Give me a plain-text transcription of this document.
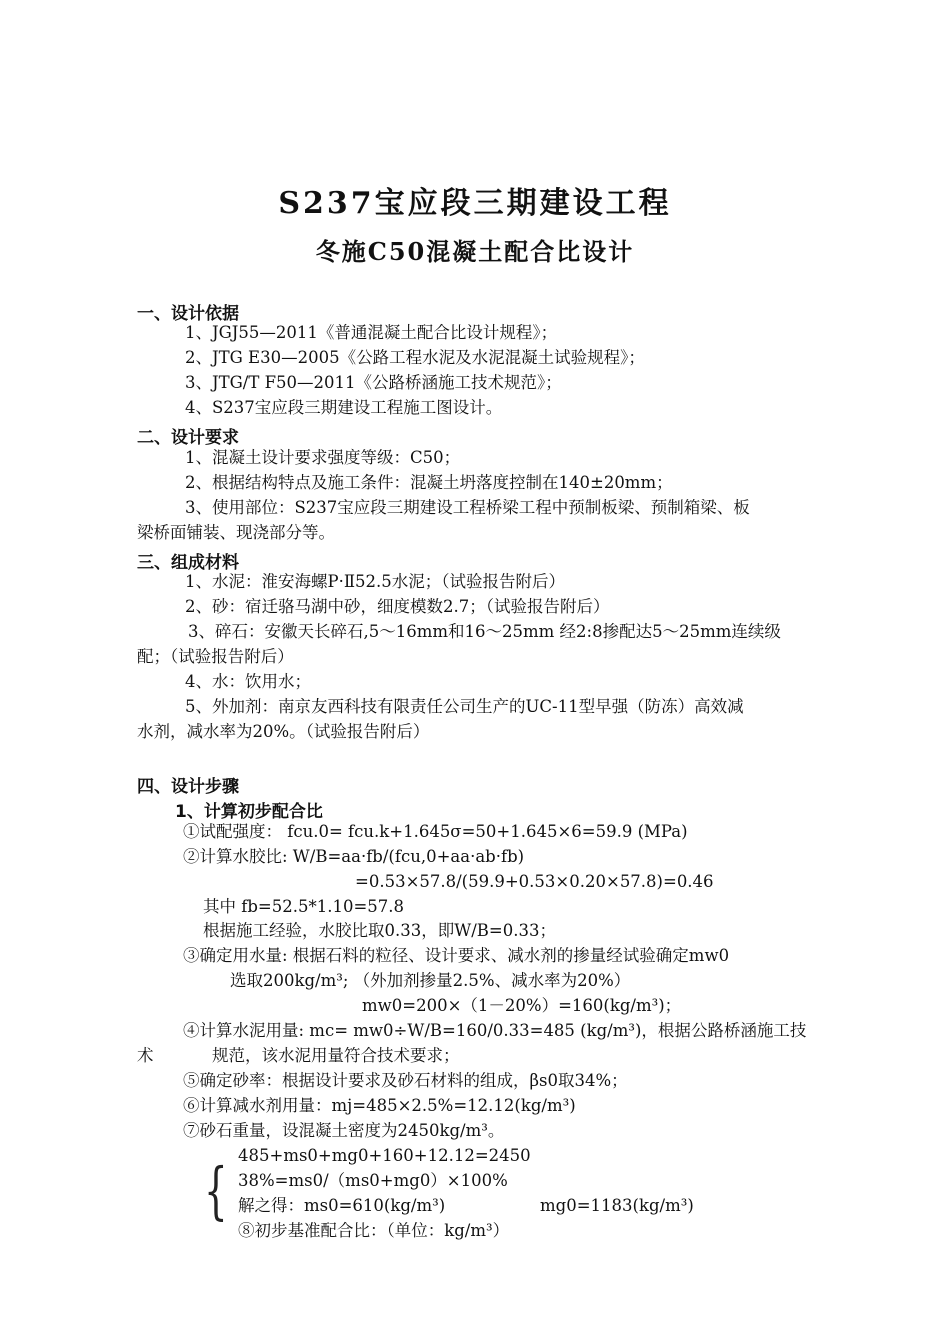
S237宝应段三期建设工程
冬施C50混凝土配合比设计
一、设计依据
1、JGJ55—2011《普通混凝土配合比设计规程》；
2、JTG E30—2005《公路工程水泥及水泥混凝土试验规程》；
3、JTG/T F50—2011《公路桥涵施工技术规范》；
4、S237宝应段三期建设工程施工图设计。
二、设计要求
1、混凝土设计要求强度等级：C50；
2、根据结构特点及施工条件：混凝土坍落度控制在140±20mm；
3、使用部位：S237宝应段三期建设工程桥梁工程中预制板梁、预制箱梁、板
梁桥面铺装、现浇部分等。
三、组成材料
1、水泥：淮安海螺P·Ⅱ52.5水泥；（试验报告附后）
2、砂：宿迁骆马湖中砂，细度模数2.7；（试验报告附后）
3、碎石：安徽天长碎石,5～16mm和16～25mm 经2:8掺配达5～25mm连续级
配；（试验报告附后）
4、水：饮用水；
5、外加剂：南京友西科技有限责任公司生产的UC-11型早强（防冻）高效减
水剂，减水率为20%。（试验报告附后）
四、设计步骤
1、计算初步配合比
①试配强度： fcu.0= fcu.k+1.645σ=50+1.645×6=59.9 (MPa)
②计算水胶比: W/B=aa·fb/(fcu,0+aa·ab·fb)
=0.53×57.8/(59.9+0.53×0.20×57.8)=0.46
其中 fb=52.5*1.10=57.8
根据施工经验，水胶比取0.33，即W/B=0.33；
③确定用水量: 根据石料的粒径、设计要求、减水剂的掺量经试验确定mw0
选取200kg/m³; （外加剂掺量2.5%、减水率为20%）
mw0=200×（1－20%）=160(kg/m³)；
④计算水泥用量: mc= mw0÷W/B=160/0.33=485 (kg/m³)，根据公路桥涵施工技
术	规范，该水泥用量符合技术要求；
⑤确定砂率：根据设计要求及砂石材料的组成，βs0取34%；
⑥计算减水剂用量：mj=485×2.5%=12.12(kg/m³)
⑦砂石重量，设混凝土密度为2450kg/m³。
{ 485+ms0+mg0+160+12.12=2450
38%=ms0/（ms0+mg0）×100%
解之得：ms0=610(kg/m³)	mg0=1183(kg/m³)
⑧初步基准配合比：（单位：kg/m³）
